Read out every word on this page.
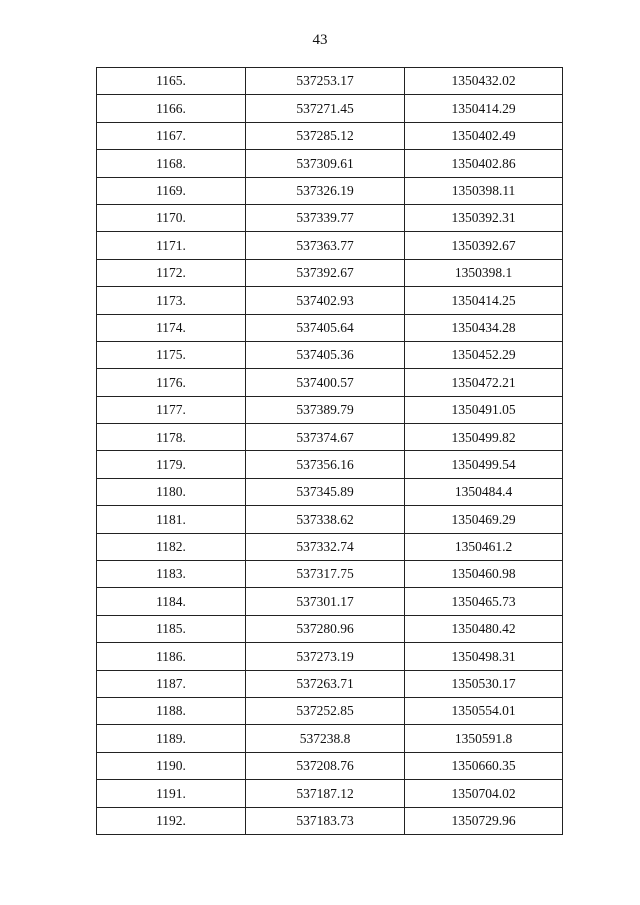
43
1165.	537253.17	1350432.02
1166.	537271.45	1350414.29
1167.	537285.12	1350402.49
1168.	537309.61	1350402.86
1169.	537326.19	1350398.11
1170.	537339.77	1350392.31
1171.	537363.77	1350392.67
1172.	537392.67	1350398.1
1173.	537402.93	1350414.25
1174.	537405.64	1350434.28
1175.	537405.36	1350452.29
1176.	537400.57	1350472.21
1177.	537389.79	1350491.05
1178.	537374.67	1350499.82
1179.	537356.16	1350499.54
1180.	537345.89	1350484.4
1181.	537338.62	1350469.29
1182.	537332.74	1350461.2
1183.	537317.75	1350460.98
1184.	537301.17	1350465.73
1185.	537280.96	1350480.42
1186.	537273.19	1350498.31
1187.	537263.71	1350530.17
1188.	537252.85	1350554.01
1189.	537238.8	1350591.8
1190.	537208.76	1350660.35
1191.	537187.12	1350704.02
1192.	537183.73	1350729.96
